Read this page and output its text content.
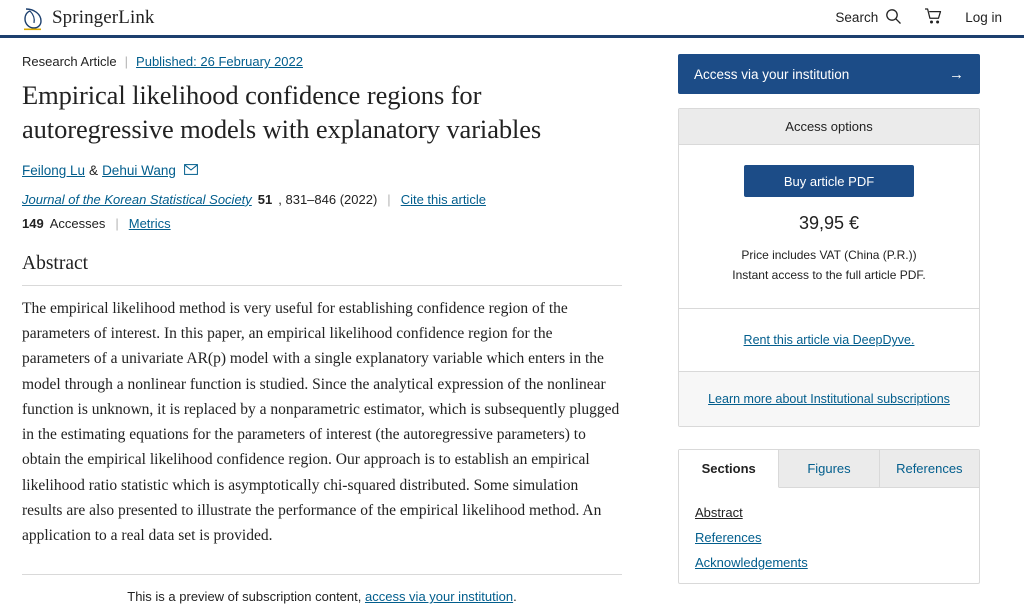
SpringerLink	Search	Log in
Research Article | Published: 26 February 2022
Empirical likelihood confidence regions for autoregressive models with explanatory variables
Feilong Lu & Dehui Wang
Journal of the Korean Statistical Society 51 , 831–846 (2022) | Cite this article
149 Accesses | Metrics
Abstract

The empirical likelihood method is very useful for establishing confidence region of the parameters of interest. In this paper, an empirical likelihood confidence region for the parameters of a univariate AR(p) model with a single explanatory variable which enters in the model through a nonlinear function is studied. Since the analytical expression of the nonlinear function is unknown, it is replaced by a nonparametric estimator, which is subsequently plugged in the estimating equations for the parameters of interest (the autoregressive parameters) to obtain the empirical likelihood confidence region. Our approach is to establish an empirical likelihood ratio statistic which is asymptotically chi-squared distributed. Some simulation results are also presented to illustrate the performance of the empirical likelihood method. An application to a real data set is provided.

This is a preview of subscription content, access via your institution.
Access via your institution	→
Access options
Buy article PDF
39,95 €
Price includes VAT (China (P.R.))
Instant access to the full article PDF.
Rent this article via DeepDyve.
Learn more about Institutional subscriptions
Sections	Figures	References
Abstract
References
Acknowledgements
